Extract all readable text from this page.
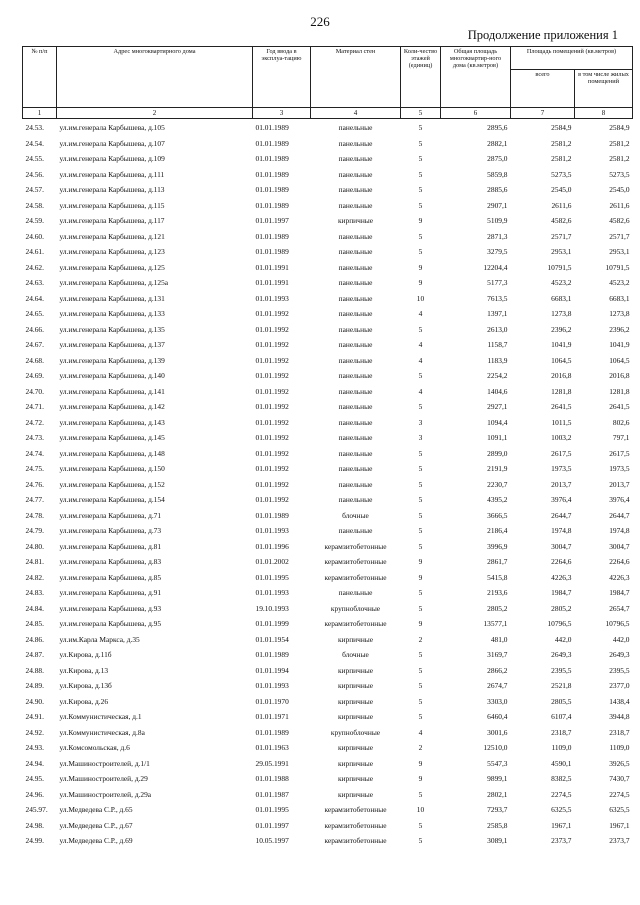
226
Продолжение приложения 1
№ п/п	Адрес многоквартирного дома	Год ввода в эксплуа-тацию	Материал стен	Коли-чество этажей (единиц)	Общая площадь многоквартир-ного дома (кв.метров)	Площадь помещений (кв.метров)	
						всего	в том числе жилых помещений
1	2	3	4	5	6	7	8
24.53.	ул.им.генерала Карбышева, д.105	01.01.1989	панельные	5	2895,6	2584,9	2584,9
24.54.	ул.им.генерала Карбышева, д.107	01.01.1989	панельные	5	2882,1	2581,2	2581,2
24.55.	ул.им.генерала Карбышева, д.109	01.01.1989	панельные	5	2875,0	2581,2	2581,2
24.56.	ул.им.генерала Карбышева, д.111	01.01.1989	панельные	5	5859,8	5273,5	5273,5
24.57.	ул.им.генерала Карбышева, д.113	01.01.1989	панельные	5	2885,6	2545,0	2545,0
24.58.	ул.им.генерала Карбышева, д.115	01.01.1989	панельные	5	2907,1	2611,6	2611,6
24.59.	ул.им.генерала Карбышева, д.117	01.01.1997	кирпичные	9	5109,9	4582,6	4582,6
24.60.	ул.им.генерала Карбышева, д.121	01.01.1989	панельные	5	2871,3	2571,7	2571,7
24.61.	ул.им.генерала Карбышева, д.123	01.01.1989	панельные	5	3279,5	2953,1	2953,1
24.62.	ул.им.генерала Карбышева, д.125	01.01.1991	панельные	9	12204,4	10791,5	10791,5
24.63.	ул.им.генерала Карбышева, д.125а	01.01.1991	панельные	9	5177,3	4523,2	4523,2
24.64.	ул.им.генерала Карбышева, д.131	01.01.1993	панельные	10	7613,5	6683,1	6683,1
24.65.	ул.им.генерала Карбышева, д.133	01.01.1992	панельные	4	1397,1	1273,8	1273,8
24.66.	ул.им.генерала Карбышева, д.135	01.01.1992	панельные	5	2613,0	2396,2	2396,2
24.67.	ул.им.генерала Карбышева, д.137	01.01.1992	панельные	4	1158,7	1041,9	1041,9
24.68.	ул.им.генерала Карбышева, д.139	01.01.1992	панельные	4	1183,9	1064,5	1064,5
24.69.	ул.им.генерала Карбышева, д.140	01.01.1992	панельные	5	2254,2	2016,8	2016,8
24.70.	ул.им.генерала Карбышева, д.141	01.01.1992	панельные	4	1404,6	1281,8	1281,8
24.71.	ул.им.генерала Карбышева, д.142	01.01.1992	панельные	5	2927,1	2641,5	2641,5
24.72.	ул.им.генерала Карбышева, д.143	01.01.1992	панельные	3	1094,4	1011,5	802,6
24.73.	ул.им.генерала Карбышева, д.145	01.01.1992	панельные	3	1091,1	1003,2	797,1
24.74.	ул.им.генерала Карбышева, д.148	01.01.1992	панельные	5	2899,0	2617,5	2617,5
24.75.	ул.им.генерала Карбышева, д.150	01.01.1992	панельные	5	2191,9	1973,5	1973,5
24.76.	ул.им.генерала Карбышева, д.152	01.01.1992	панельные	5	2230,7	2013,7	2013,7
24.77.	ул.им.генерала Карбышева, д.154	01.01.1992	панельные	5	4395,2	3976,4	3976,4
24.78.	ул.им.генерала Карбышева, д.71	01.01.1989	блочные	5	3666,5	2644,7	2644,7
24.79.	ул.им.генерала Карбышева, д.73	01.01.1993	панельные	5	2186,4	1974,8	1974,8
24.80.	ул.им.генерала Карбышева, д.81	01.01.1996	керамзитобетонные	5	3996,9	3004,7	3004,7
24.81.	ул.им.генерала Карбышева, д.83	01.01.2002	керамзитобетонные	9	2861,7	2264,6	2264,6
24.82.	ул.им.генерала Карбышева, д.85	01.01.1995	керамзитобетонные	9	5415,8	4226,3	4226,3
24.83.	ул.им.генерала Карбышева, д.91	01.01.1993	панельные	5	2193,6	1984,7	1984,7
24.84.	ул.им.генерала Карбышева, д.93	19.10.1993	крупноблочные	5	2805,2	2805,2	2654,7
24.85.	ул.им.генерала Карбышева, д.95	01.01.1999	керамзитобетонные	9	13577,1	10796,5	10796,5
24.86.	ул.им.Карла Маркса, д.35	01.01.1954	кирпичные	2	481,0	442,0	442,0
24.87.	ул.Кирова, д.11б	01.01.1989	блочные	5	3169,7	2649,3	2649,3
24.88.	ул.Кирова, д.13	01.01.1994	кирпичные	5	2866,2	2395,5	2395,5
24.89.	ул.Кирова, д.13б	01.01.1993	кирпичные	5	2674,7	2521,8	2377,0
24.90.	ул.Кирова, д.26	01.01.1970	кирпичные	5	3303,0	2805,5	1438,4
24.91.	ул.Коммунистическая, д.1	01.01.1971	кирпичные	5	6460,4	6107,4	3944,8
24.92.	ул.Коммунистическая, д.8а	01.01.1989	крупноблочные	4	3001,6	2318,7	2318,7
24.93.	ул.Комсомольская, д.6	01.01.1963	кирпичные	2	12510,0	1109,0	1109,0
24.94.	ул.Машиностроителей, д.1/1	29.05.1991	кирпичные	9	5547,3	4590,1	3926,5
24.95.	ул.Машиностроителей, д.29	01.01.1988	кирпичные	9	9899,1	8382,5	7430,7
24.96.	ул.Машиностроителей, д.29а	01.01.1987	кирпичные	5	2802,1	2274,5	2274,5
245.97.	ул.Медведева С.Р., д.65	01.01.1995	керамзитобетонные	10	7293,7	6325,5	6325,5
24.98.	ул.Медведева С.Р., д.67	01.01.1997	керамзитобетонные	5	2585,8	1967,1	1967,1
24.99.	ул.Медведева С.Р., д.69	10.05.1997	керамзитобетонные	5	3089,1	2373,7	2373,7
